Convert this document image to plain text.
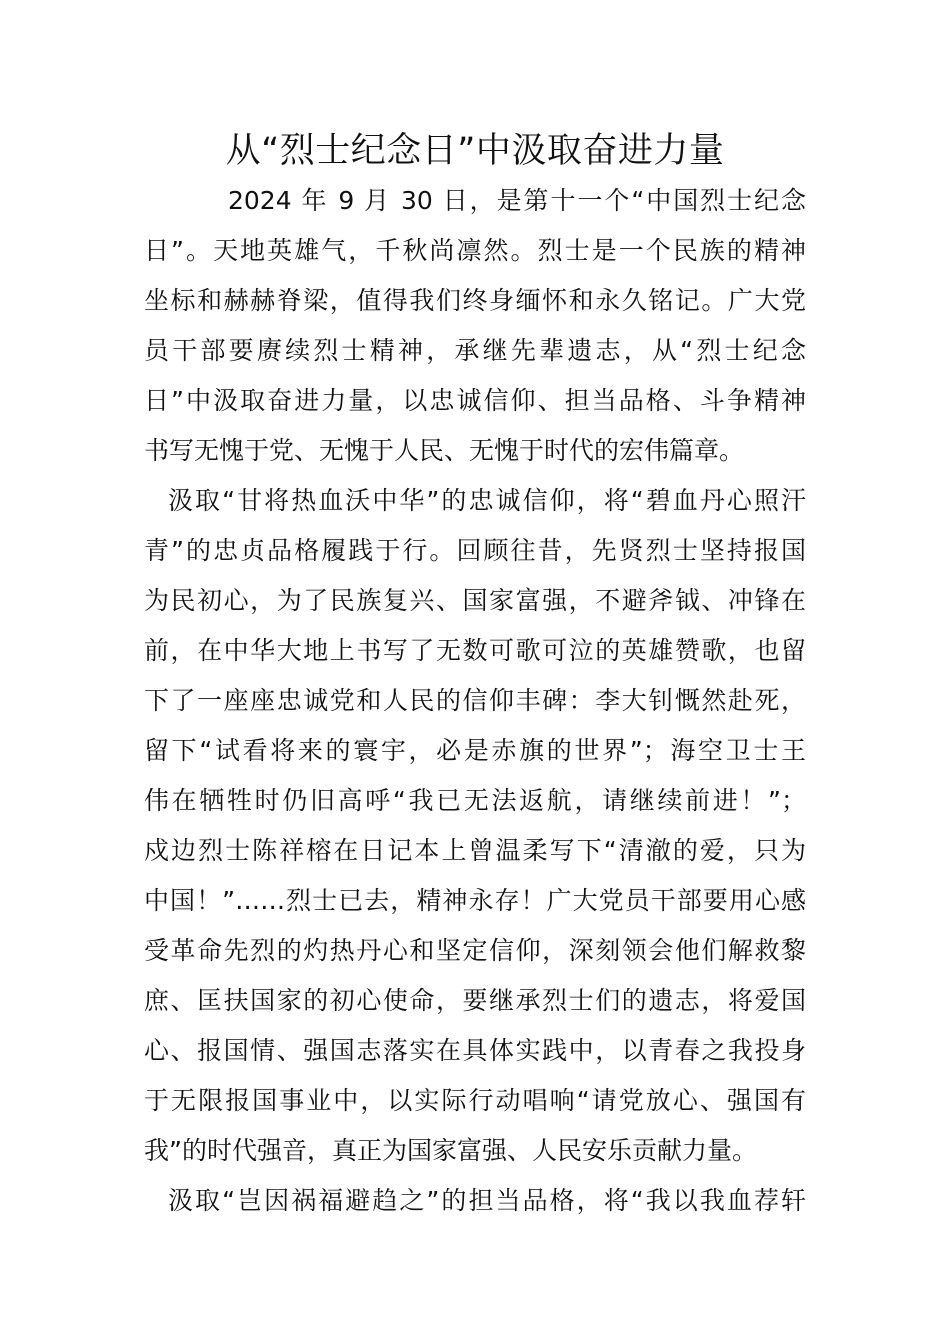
从“烈士纪念日”中汲取奋进力量
2024 年 9 月 30 日，是第十一个“中国烈士纪念
日”。天地英雄气，千秋尚凛然。烈士是一个民族的精神
坐标和赫赫脊梁，值得我们终身缅怀和永久铭记。广大党
员干部要赓续烈士精神，承继先辈遗志，从“烈士纪念
日”中汲取奋进力量，以忠诚信仰、担当品格、斗争精神
书写无愧于党、无愧于人民、无愧于时代的宏伟篇章。
汲取“甘将热血沃中华”的忠诚信仰，将“碧血丹心照汗
青”的忠贞品格履践于行。回顾往昔，先贤烈士坚持报国
为民初心，为了民族复兴、国家富强，不避斧钺、冲锋在
前，在中华大地上书写了无数可歌可泣的英雄赞歌，也留
下了一座座忠诚党和人民的信仰丰碑：李大钊慨然赴死，
留下“试看将来的寰宇，必是赤旗的世界”；海空卫士王
伟在牺牲时仍旧高呼“我已无法返航，请继续前进！”；
戍边烈士陈祥榕在日记本上曾温柔写下“清澈的爱，只为
中国！”……烈士已去，精神永存！广大党员干部要用心感
受革命先烈的灼热丹心和坚定信仰，深刻领会他们解救黎
庶、匡扶国家的初心使命，要继承烈士们的遗志，将爱国
心、报国情、强国志落实在具体实践中，以青春之我投身
于无限报国事业中，以实际行动唱响“请党放心、强国有
我”的时代强音，真正为国家富强、人民安乐贡献力量。
汲取“岂因祸福避趋之”的担当品格，将“我以我血荐轩
